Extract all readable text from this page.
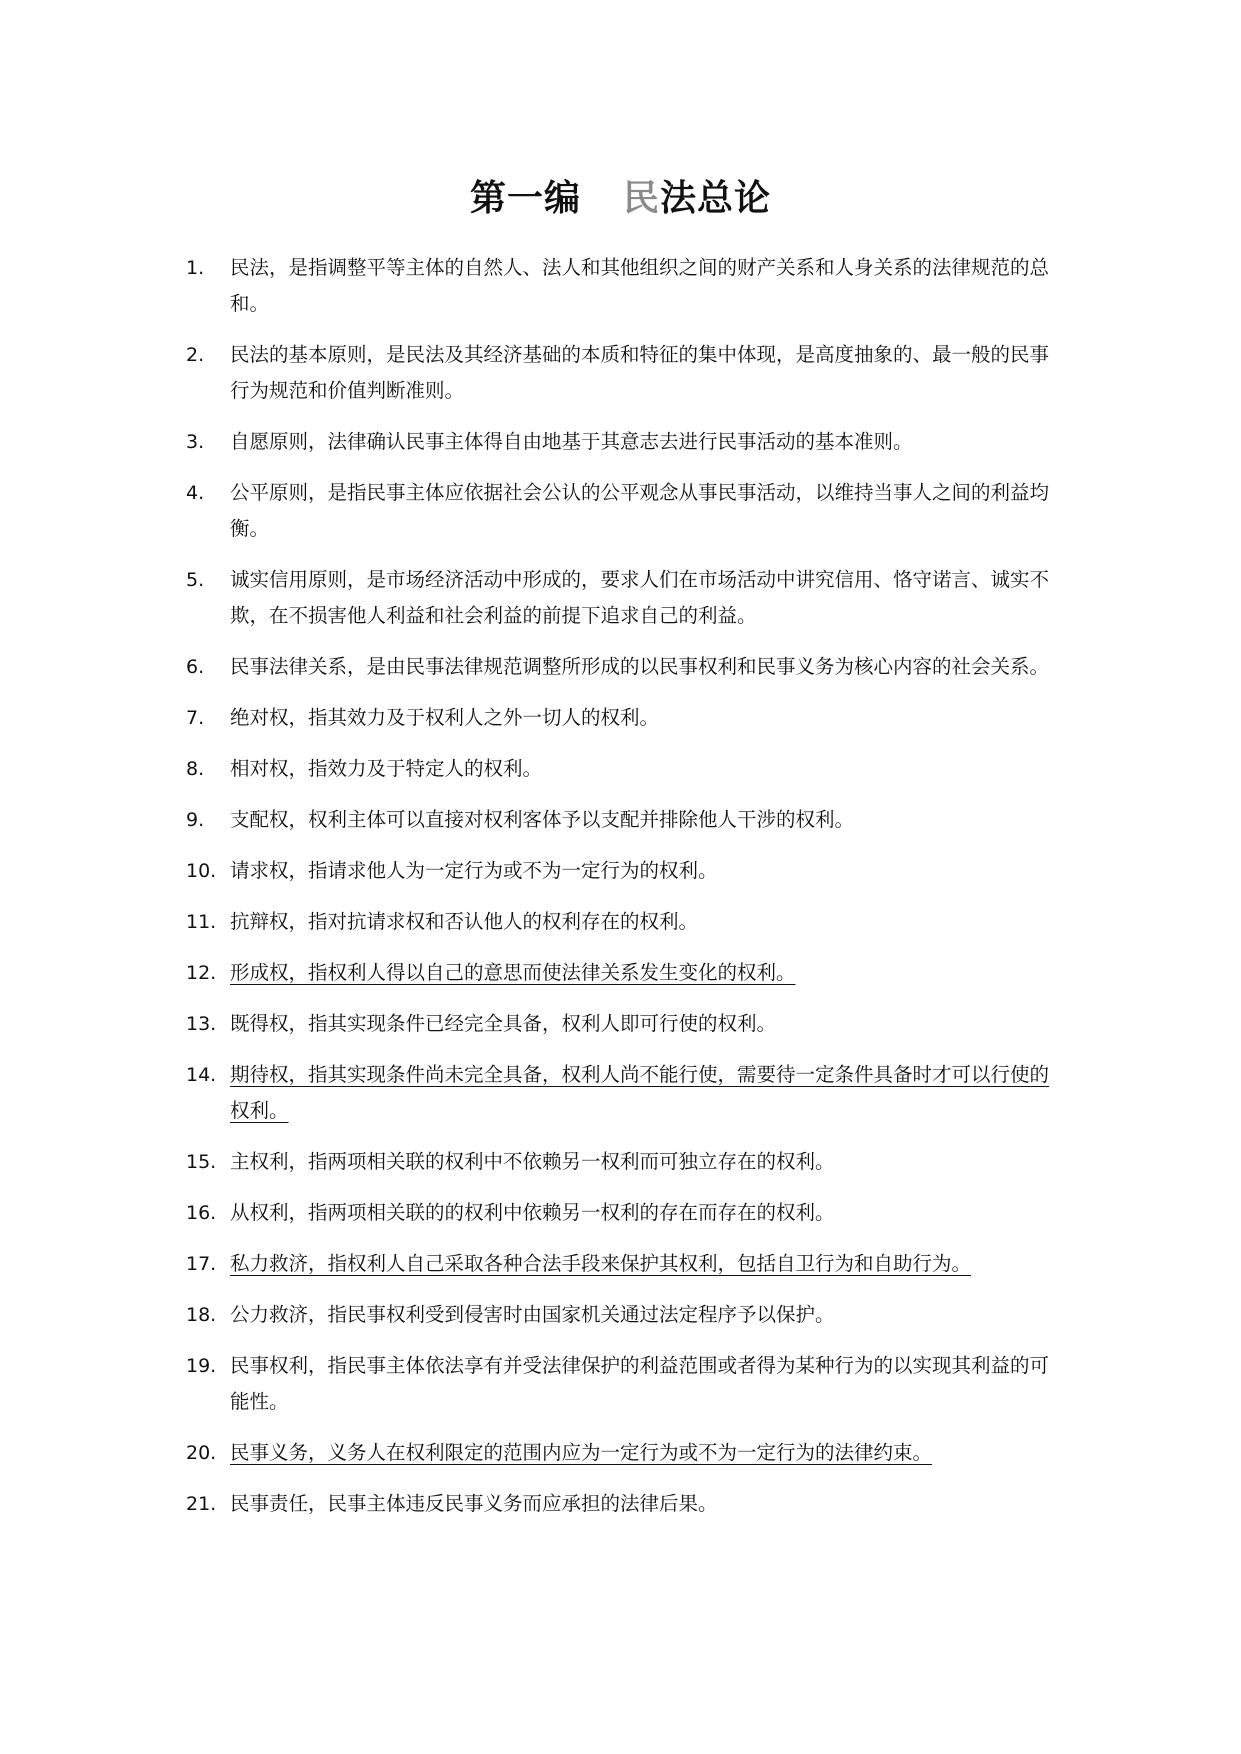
第一编 民法总论
1. 民法，是指调整平等主体的自然人、法人和其他组织之间的财产关系和人身关系的法律规范的总和。
2. 民法的基本原则，是民法及其经济基础的本质和特征的集中体现，是高度抽象的、最一般的民事行为规范和价值判断准则。
3. 自愿原则，法律确认民事主体得自由地基于其意志去进行民事活动的基本准则。
4. 公平原则，是指民事主体应依据社会公认的公平观念从事民事活动，以维持当事人之间的利益均衡。
5. 诚实信用原则，是市场经济活动中形成的，要求人们在市场活动中讲究信用、恪守诺言、诚实不欺，在不损害他人利益和社会利益的前提下追求自己的利益。
6. 民事法律关系，是由民事法律规范调整所形成的以民事权利和民事义务为核心内容的社会关系。
7. 绝对权，指其效力及于权利人之外一切人的权利。
8. 相对权，指效力及于特定人的权利。
9. 支配权，权利主体可以直接对权利客体予以支配并排除他人干涉的权利。
10. 请求权，指请求他人为一定行为或不为一定行为的权利。
11. 抗辩权，指对抗请求权和否认他人的权利存在的权利。
12. 形成权，指权利人得以自己的意思而使法律关系发生变化的权利。
13. 既得权，指其实现条件已经完全具备，权利人即可行使的权利。
14. 期待权，指其实现条件尚未完全具备，权利人尚不能行使，需要待一定条件具备时才可以行使的权利。
15. 主权利，指两项相关联的权利中不依赖另一权利而可独立存在的权利。
16. 从权利，指两项相关联的的权利中依赖另一权利的存在而存在的权利。
17. 私力救济，指权利人自己采取各种合法手段来保护其权利，包括自卫行为和自助行为。
18. 公力救济，指民事权利受到侵害时由国家机关通过法定程序予以保护。
19. 民事权利，指民事主体依法享有并受法律保护的利益范围或者得为某种行为的以实现其利益的可能性。
20. 民事义务，义务人在权利限定的范围内应为一定行为或不为一定行为的法律约束。
21. 民事责任，民事主体违反民事义务而应承担的法律后果。
